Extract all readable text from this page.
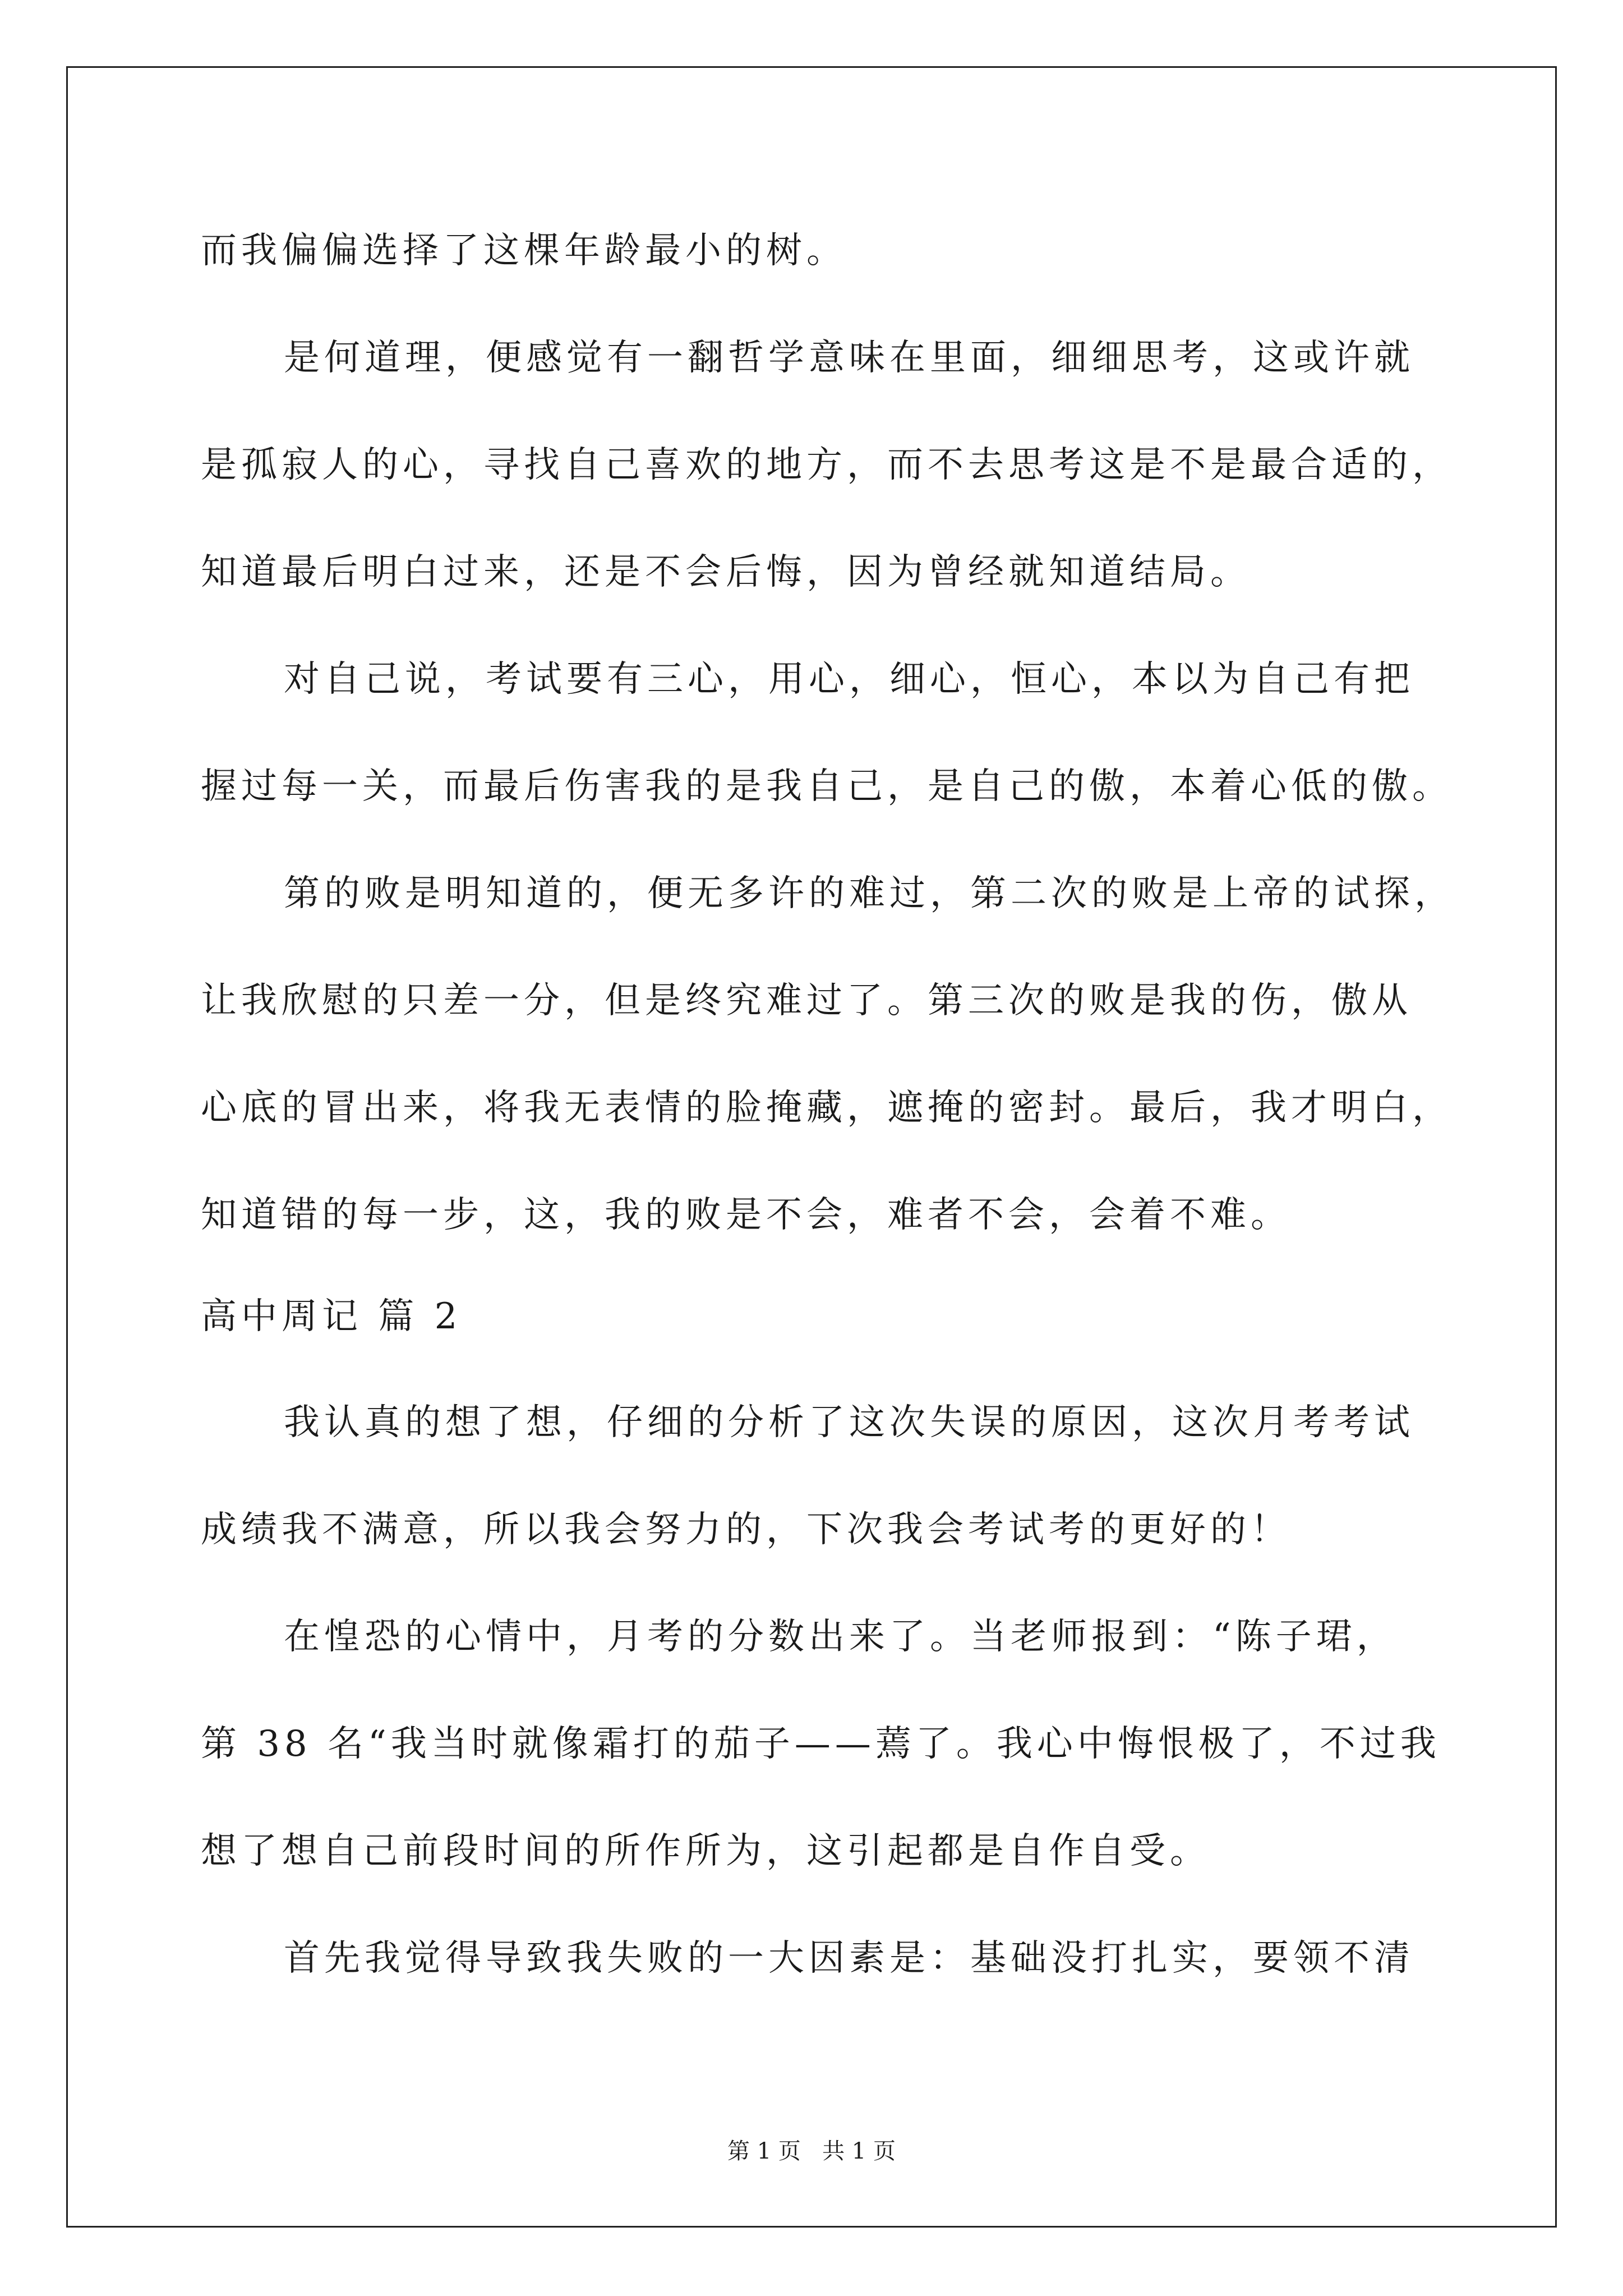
而我偏偏选择了这棵年龄最小的树。
是何道理，便感觉有一翻哲学意味在里面，细细思考，这或许就
是孤寂人的心，寻找自己喜欢的地方，而不去思考这是不是最合适的，
知道最后明白过来，还是不会后悔，因为曾经就知道结局。
对自己说，考试要有三心，用心，细心，恒心，本以为自己有把
握过每一关，而最后伤害我的是我自己，是自己的傲，本着心低的傲。
第的败是明知道的，便无多许的难过，第二次的败是上帝的试探，
让我欣慰的只差一分，但是终究难过了。第三次的败是我的伤，傲从
心底的冒出来，将我无表情的脸掩藏，遮掩的密封。最后，我才明白，
知道错的每一步，这，我的败是不会，难者不会，会着不难。
高中周记 篇 2
我认真的想了想，仔细的分析了这次失误的原因，这次月考考试
成绩我不满意，所以我会努力的，下次我会考试考的更好的！
在惶恐的心情中，月考的分数出来了。当老师报到：“陈子珺，
第 38 名“我当时就像霜打的茄子——蔫了。我心中悔恨极了，不过我
想了想自己前段时间的所作所为，这引起都是自作自受。
首先我觉得导致我失败的一大因素是：基础没打扎实，要领不清
第 1 页   共 1 页
